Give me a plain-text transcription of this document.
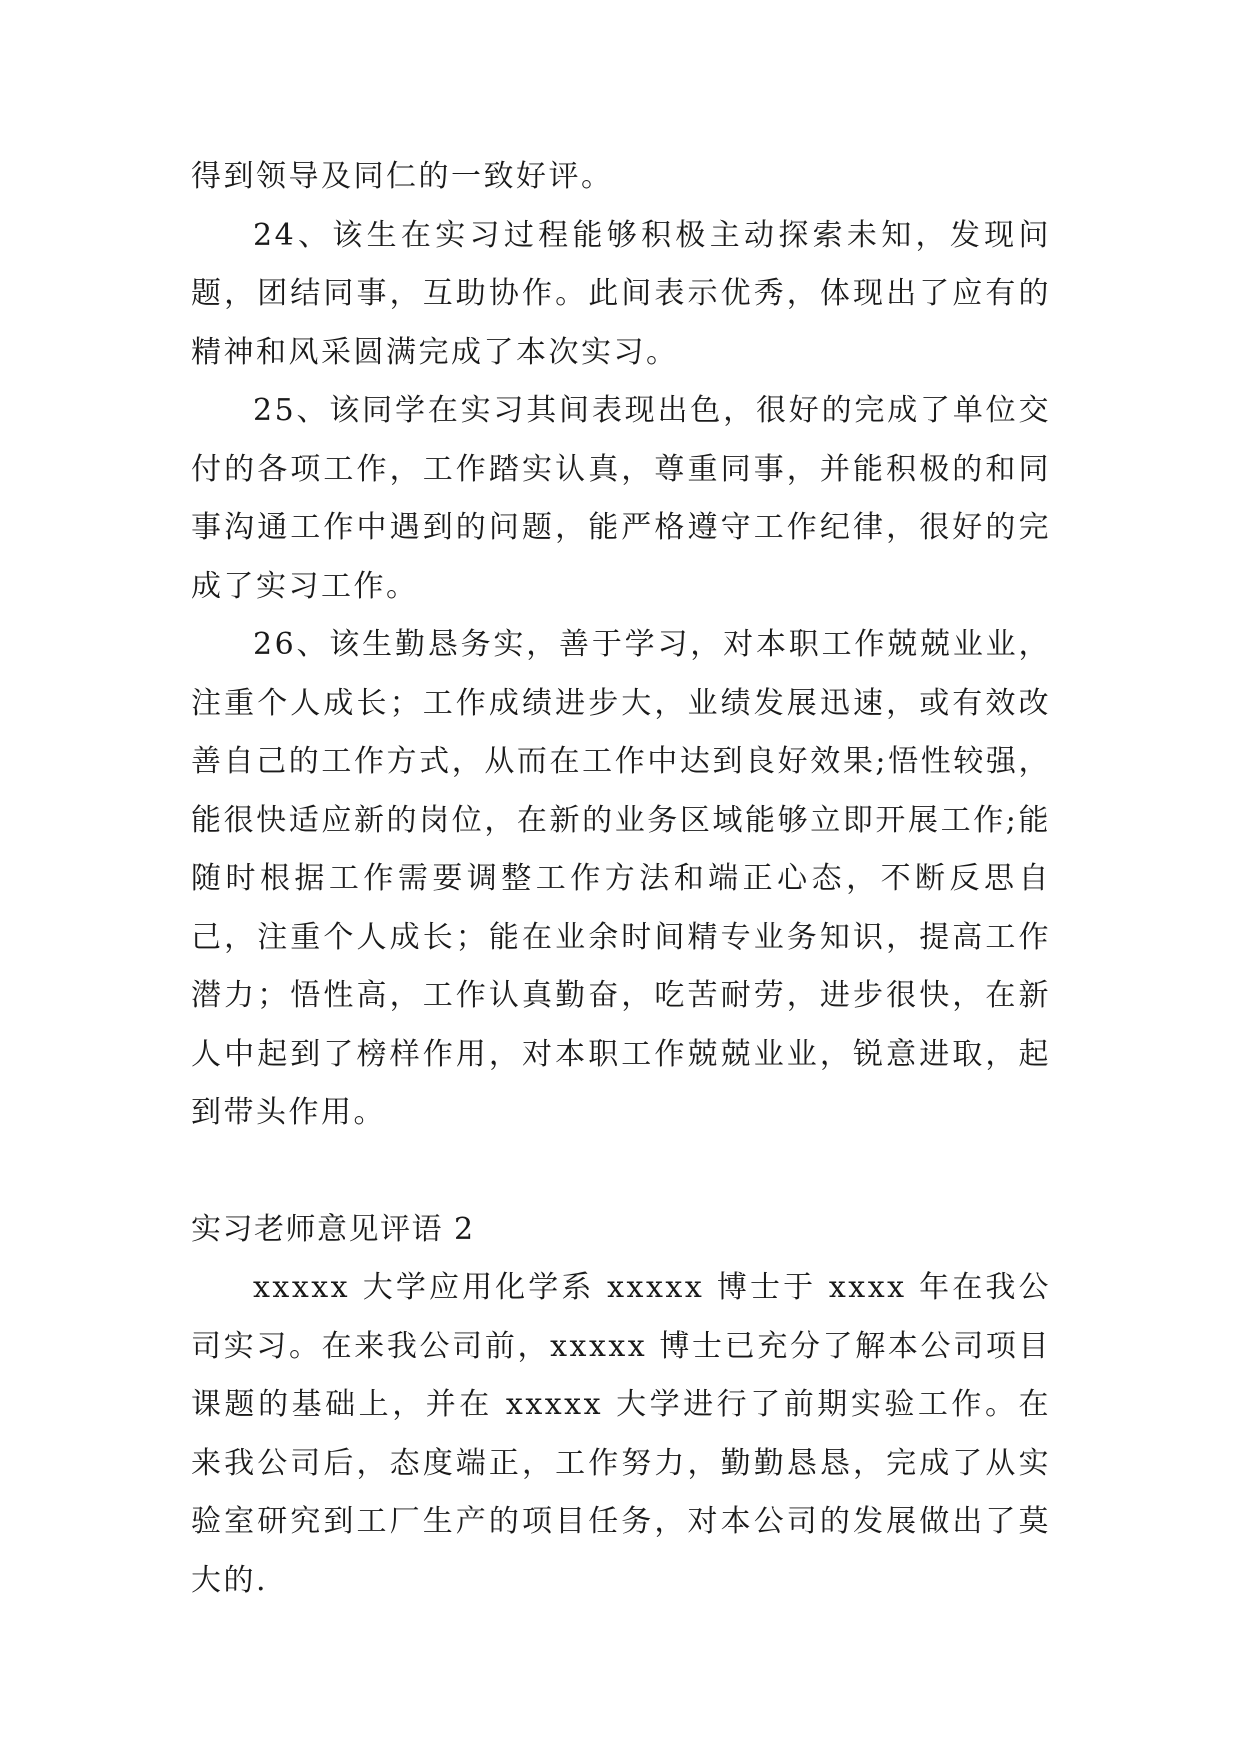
得到领导及同仁的一致好评。

24、该生在实习过程能够积极主动探索未知，发现问题，团结同事，互助协作。此间表示优秀，体现出了应有的精神和风采圆满完成了本次实习。

25、该同学在实习其间表现出色，很好的完成了单位交付的各项工作，工作踏实认真，尊重同事，并能积极的和同事沟通工作中遇到的问题，能严格遵守工作纪律，很好的完成了实习工作。

26、该生勤恳务实，善于学习，对本职工作兢兢业业，注重个人成长；工作成绩进步大，业绩发展迅速，或有效改善自己的工作方式，从而在工作中达到良好效果;悟性较强，能很快适应新的岗位，在新的业务区域能够立即开展工作;能随时根据工作需要调整工作方法和端正心态，不断反思自己，注重个人成长；能在业余时间精专业务知识，提高工作潜力；悟性高，工作认真勤奋，吃苦耐劳，进步很快，在新人中起到了榜样作用，对本职工作兢兢业业，锐意进取，起到带头作用。

实习老师意见评语 2

xxxxx 大学应用化学系 xxxxx 博士于 xxxx 年在我公司实习。在来我公司前，xxxxx 博士已充分了解本公司项目课题的基础上，并在 xxxxx 大学进行了前期实验工作。在来我公司后，态度端正，工作努力，勤勤恳恳，完成了从实验室研究到工厂生产的项目任务，对本公司的发展做出了莫大的.
